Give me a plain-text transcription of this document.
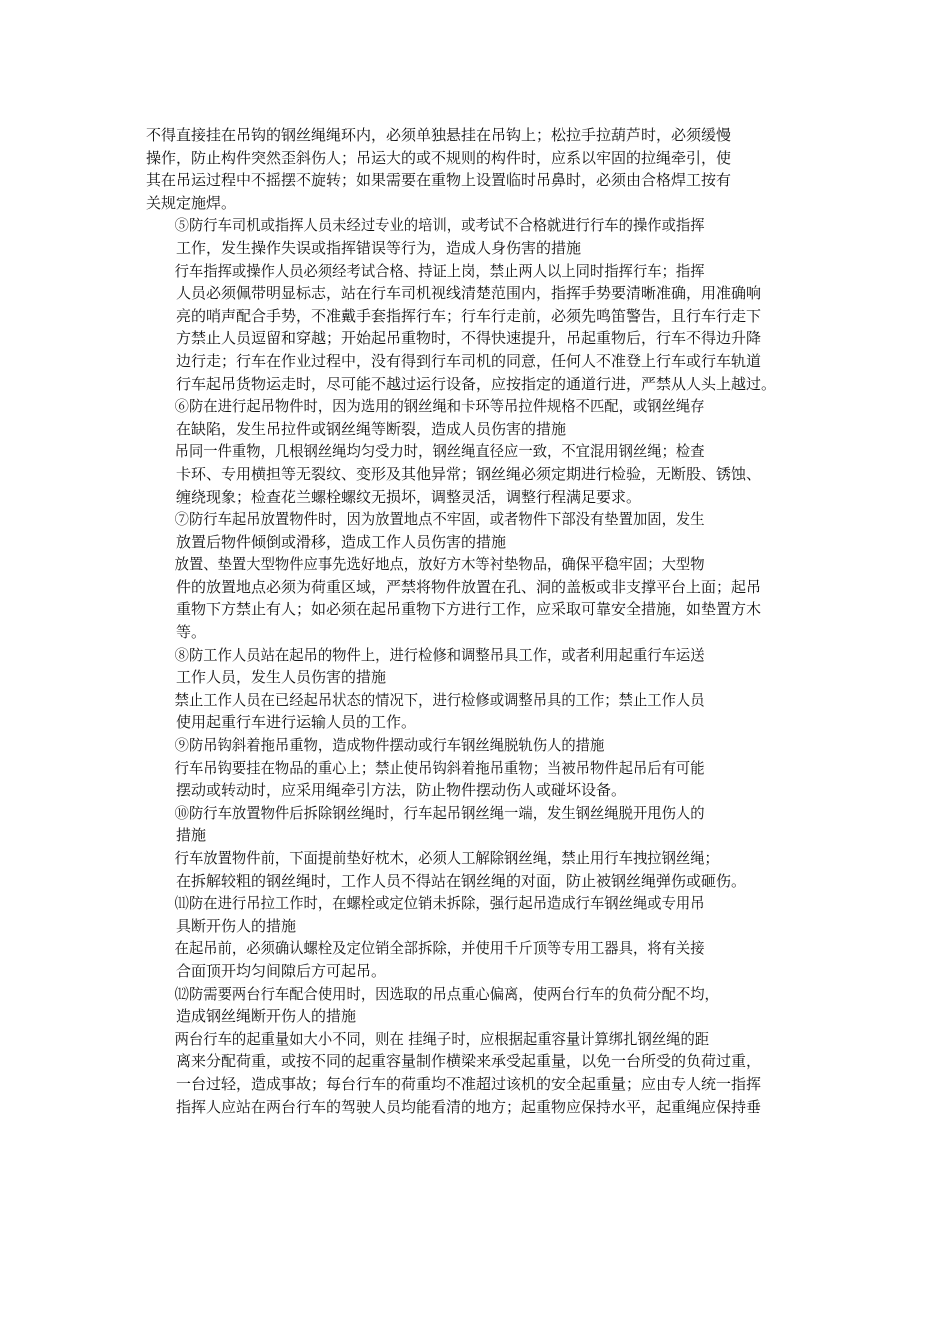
不得直接挂在吊钩的钢丝绳绳环内，必须单独悬挂在吊钩上；松拉手拉葫芦时，必须缓慢
操作，防止构件突然歪斜伤人；吊运大的或不规则的构件时，应系以牢固的拉绳牵引，使
其在吊运过程中不摇摆不旋转；如果需要在重物上设置临时吊鼻时，必须由合格焊工按有
关规定施焊。

⑤防行车司机或指挥人员未经过专业的培训，或考试不合格就进行行车的操作或指挥
工作，发生操作失误或指挥错误等行为，造成人身伤害的措施

行车指挥或操作人员必须经考试合格、持证上岗，禁止两人以上同时指挥行车；指挥
人员必须佩带明显标志，站在行车司机视线清楚范围内，指挥手势要清晰准确，用准确响
亮的哨声配合手势，不准戴手套指挥行车；行车行走前，必须先鸣笛警告，且行车行走下
方禁止人员逗留和穿越；开始起吊重物时，不得快速提升，吊起重物后，行车不得边升降
边行走；行车在作业过程中，没有得到行车司机的同意，任何人不准登上行车或行车轨道
行车起吊货物运走时，尽可能不越过运行设备，应按指定的通道行进，严禁从人头上越过。

⑥防在进行起吊物件时，因为选用的钢丝绳和卡环等吊拉件规格不匹配，或钢丝绳存
在缺陷，发生吊拉件或钢丝绳等断裂，造成人员伤害的措施

吊同一件重物，几根钢丝绳均匀受力时，钢丝绳直径应一致，不宜混用钢丝绳；检查
卡环、专用横担等无裂纹、变形及其他异常；钢丝绳必须定期进行检验，无断股、锈蚀、
缠绕现象；检查花兰螺栓螺纹无损坏，调整灵活，调整行程满足要求。

⑦防行车起吊放置物件时，因为放置地点不牢固，或者物件下部没有垫置加固，发生
放置后物件倾倒或滑移，造成工作人员伤害的措施

放置、垫置大型物件应事先选好地点，放好方木等衬垫物品，确保平稳牢固；大型物
件的放置地点必须为荷重区域，严禁将物件放置在孔、洞的盖板或非支撑平台上面；起吊
重物下方禁止有人；如必须在起吊重物下方进行工作，应采取可靠安全措施，如垫置方木
等。

⑧防工作人员站在起吊的物件上，进行检修和调整吊具工作，或者利用起重行车运送
工作人员，发生人员伤害的措施

禁止工作人员在已经起吊状态的情况下，进行检修或调整吊具的工作；禁止工作人员
使用起重行车进行运输人员的工作。

⑨防吊钩斜着拖吊重物，造成物件摆动或行车钢丝绳脱轨伤人的措施

行车吊钩要挂在物品的重心上；禁止使吊钩斜着拖吊重物；当被吊物件起吊后有可能
摆动或转动时，应采用绳牵引方法，防止物件摆动伤人或碰坏设备。

⑩防行车放置物件后拆除钢丝绳时，行车起吊钢丝绳一端，发生钢丝绳脱开甩伤人的
措施

行车放置物件前，下面提前垫好枕木，必须人工解除钢丝绳，禁止用行车拽拉钢丝绳；
在拆解较粗的钢丝绳时，工作人员不得站在钢丝绳的对面，防止被钢丝绳弹伤或砸伤。

⑾防在进行吊拉工作时，在螺栓或定位销未拆除，强行起吊造成行车钢丝绳或专用吊
具断开伤人的措施

在起吊前，必须确认螺栓及定位销全部拆除，并使用千斤顶等专用工器具，将有关接
合面顶开均匀间隙后方可起吊。

⑿防需要两台行车配合使用时，因选取的吊点重心偏离，使两台行车的负荷分配不均，
造成钢丝绳断开伤人的措施

两台行车的起重量如大小不同，则在 挂绳子时，应根据起重容量计算绑扎钢丝绳的距
离来分配荷重，或按不同的起重容量制作横梁来承受起重量，以免一台所受的负荷过重，
一台过轻，造成事故；每台行车的荷重均不准超过该机的安全起重量；应由专人统一指挥
指挥人应站在两台行车的驾驶人员均能看清的地方；起重物应保持水平，起重绳应保持垂
